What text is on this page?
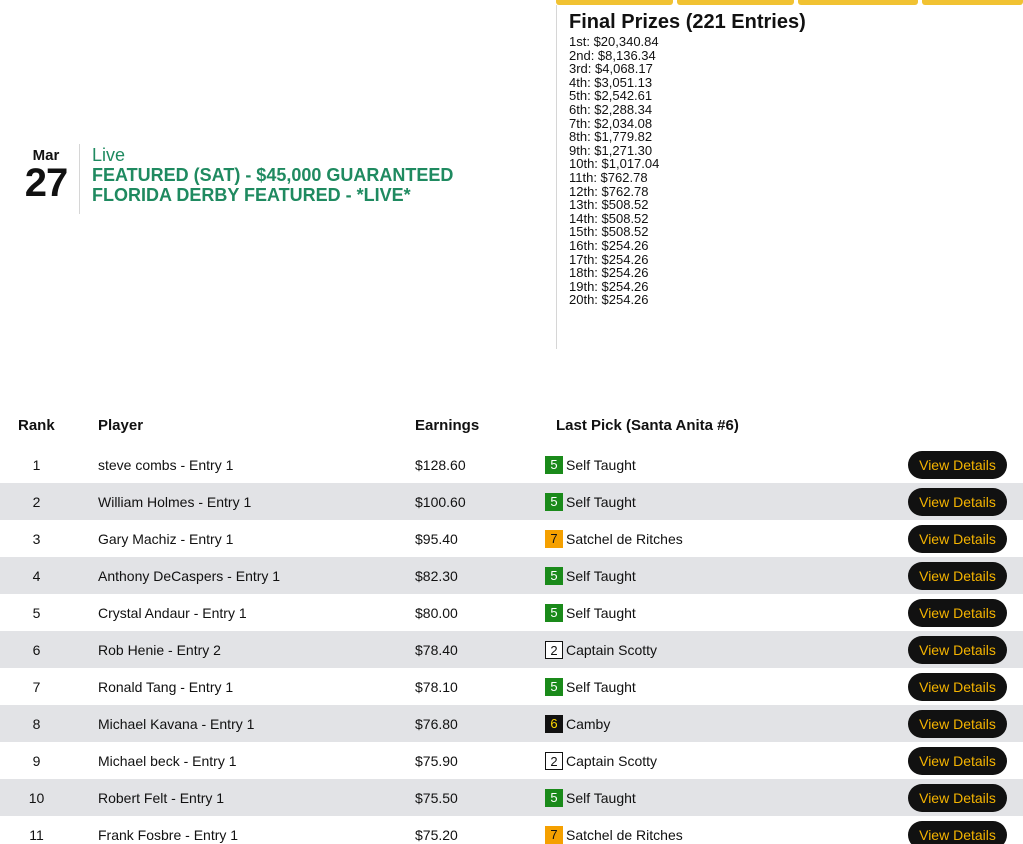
Mar
27
Live
FEATURED (SAT) - $45,000 GUARANTEED
FLORIDA DERBY FEATURED - *LIVE*
Final Prizes (221 Entries)
1st: $20,340.84
2nd: $8,136.34
3rd: $4,068.17
4th: $3,051.13
5th: $2,542.61
6th: $2,288.34
7th: $2,034.08
8th: $1,779.82
9th: $1,271.30
10th: $1,017.04
11th: $762.78
12th: $762.78
13th: $508.52
14th: $508.52
15th: $508.52
16th: $254.26
17th: $254.26
18th: $254.26
19th: $254.26
20th: $254.26
Rank	Player	Earnings	Last Pick (Santa Anita #6)
1	steve combs - Entry 1	$128.60	5 Self Taught	View Details
2	William Holmes - Entry 1	$100.60	5 Self Taught	View Details
3	Gary Machiz - Entry 1	$95.40	7 Satchel de Ritches	View Details
4	Anthony DeCaspers - Entry 1	$82.30	5 Self Taught	View Details
5	Crystal Andaur - Entry 1	$80.00	5 Self Taught	View Details
6	Rob Henie - Entry 2	$78.40	2 Captain Scotty	View Details
7	Ronald Tang - Entry 1	$78.10	5 Self Taught	View Details
8	Michael Kavana - Entry 1	$76.80	6 Camby	View Details
9	Michael beck - Entry 1	$75.90	2 Captain Scotty	View Details
10	Robert Felt - Entry 1	$75.50	5 Self Taught	View Details
11	Frank Fosbre - Entry 1	$75.20	7 Satchel de Ritches	View Details
